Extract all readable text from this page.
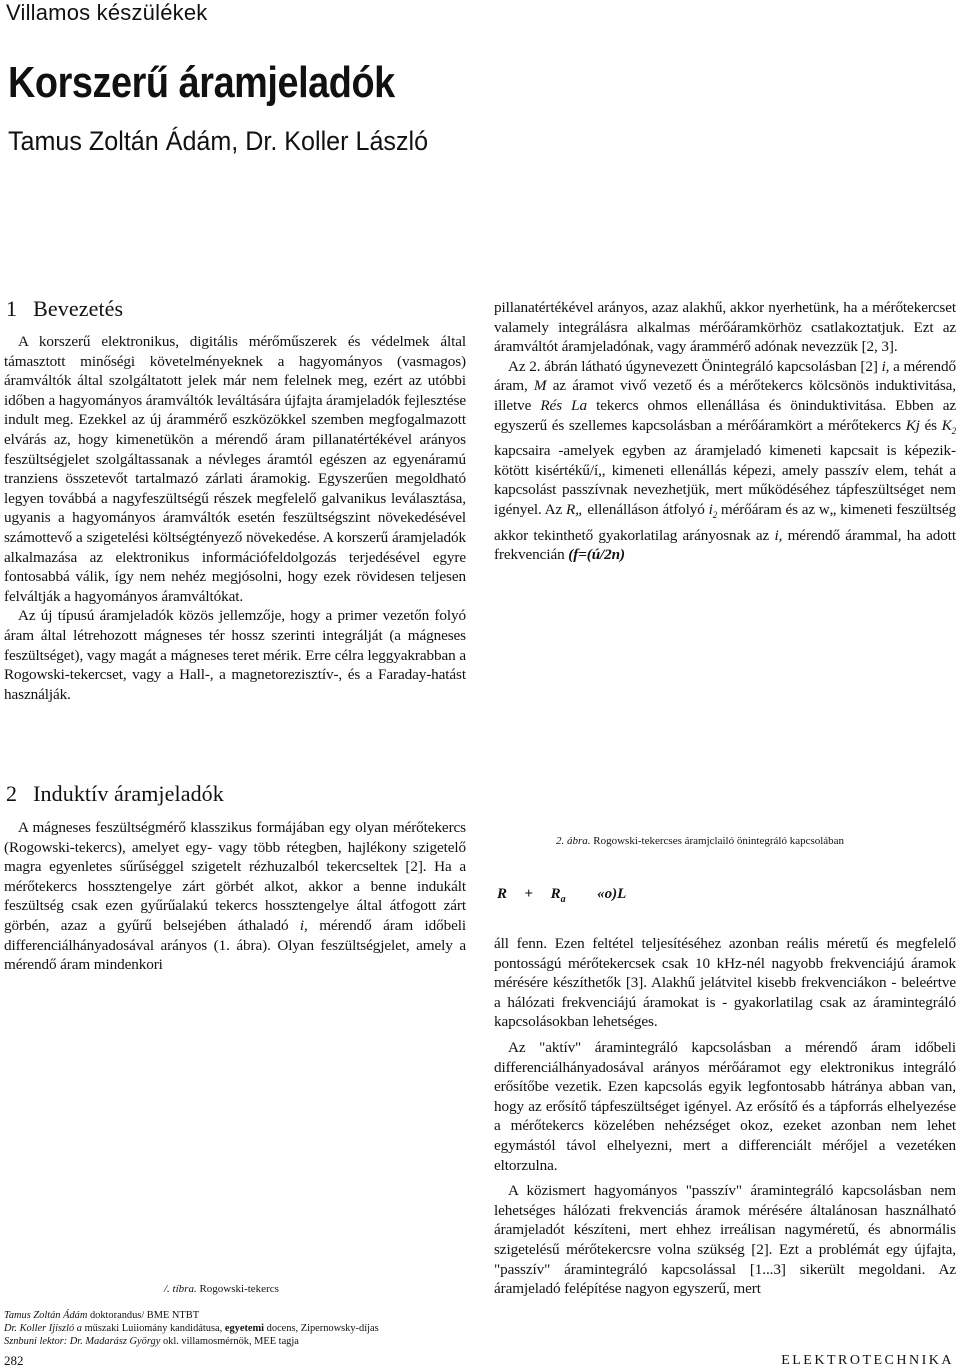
Villamos készülékek
Korszerű áramjeladók
Tamus Zoltán Ádám, Dr. Koller László
1 Bevezetés

A korszerű elektronikus, digitális mérőműszerek és védelmek által támasztott minőségi követelményeknek a hagyományos (vasmagos) áramváltók által szolgáltatott jelek már nem felelnek meg, ezért az utóbbi időben a hagyományos áramváltók leváltására újfajta áramjeladók fejlesztése indult meg. Ezekkel az új árammérő eszközökkel szemben megfogalmazott elvárás az, hogy kimenetükön a mérendő áram pillanatértékével arányos feszültségjelet szolgáltassanak a névleges áramtól egészen az egyenáramú tranziens összetevőt tartalmazó zárlati áramokig. Egyszerűen megoldható legyen továbbá a nagyfeszültségű részek megfelelő galvanikus leválasztása, ugyanis a hagyományos áramváltók esetén feszültségszint növekedésével számottevő a szigetelési költségtényező növekedése. A korszerű áramjeladók alkalmazása az elektronikus információfeldolgozás terjedésével egyre fontosabbá válik, így nem nehéz megjósolni, hogy ezek rövidesen teljesen felváltják a hagyományos áramváltókat.

Az új típusú áramjeladók közös jellemzője, hogy a primer vezetőn folyó áram által létrehozott mágneses tér hossz szerinti integrálját (a mágneses feszültséget), vagy magát a mágneses teret mérik. Erre célra leggyakrabban a Rogowski-tekercset, vagy a Hall-, a magnetorezisztív-, és a Faraday-hatást használják.

2 Induktív áramjeladók

A mágneses feszültségmérő klasszikus formájában egy olyan mérőtekercs (Rogowski-tekercs), amelyet egy- vagy több rétegben, hajlékony szigetelő magra egyenletes sűrűséggel szigetelt rézhuzalból tekercseltek [2]. Ha a mérőtekercs hossztengelye zárt görbét alkot, akkor a benne indukált feszültség csak ezen gyűrűalakú tekercs hossztengelye által átfogott zárt görbén, azaz a gyűrű belsejében áthaladó i, mérendő áram időbeli differenciálhányadosával arányos (1. ábra). Olyan feszültségjelet, amely a mérendő áram mindenkori

/. tíbra. Rogowski-tekercs
Tamus Zoltán Ádám doktorandus/ BME NTBT
Dr. Koller Ijiszló a műszaki Luiiomány kandidátusa, egyetemi docens, Zipernowsky-díjas
Sznbuni lektor: Dr. Madarász György okl. villamosmérnök, MEE tagja

pillanatértékével arányos, azaz alakhű, akkor nyerhetünk, ha a mérőtekercset valamely integrálásra alkalmas mérőáramkörhöz csatlakoztatjuk. Ezt az áramváltót áramjeladónak, vagy árammérő adónak nevezzük [2, 3].

Az 2. ábrán látható úgynevezett Önintegráló kapcsolásban [2] i, a mérendő áram, M az áramot vivő vezető és a mérőtekercs kölcsönös induktivitása, illetve Rés La tekercs ohmos ellenállása és öninduktivitása. Ebben az egyszerű és szellemes kapcsolásban a mérőáramkört a mérőtekercs Kj és $K_2$ kapcsaira -amelyek egyben az áramjeladó kimeneti kapcsait is képezik-kötött kisértékű/í,, kimeneti ellenállás képezi, amely passzív elem, tehát a kapcsolást passzívnak nevezhetjük, mert működéséhez tápfeszültséget nem igényel. Az R„ ellenálláson átfolyó $i_2$ mérőáram és az w„ kimeneti feszültség akkor tekinthető gyakorlatilag arányosnak az i, mérendő árammal, ha adott frekvencián (f=(ú/2n)

2. ábra. Rogowski-tekercses áramjclailó önintegráló kapcsolában
$R + R_a$ «o)L

áll fenn. Ezen feltétel teljesítéséhez azonban reális méretű és megfelelő pontosságú mérőtekercsek csak 10 kHz-nél nagyobb frekvenciájú áramok mérésére készíthetők [3]. Alakhű jelátvitel kisebb frekvenciákon - beleértve a hálózati frekvenciájú áramokat is - gyakorlatilag csak az áramintegráló kapcsolásokban lehetséges.

Az "aktív" áramintegráló kapcsolásban a mérendő áram időbeli differenciálhányadosával arányos mérőáramot egy elektronikus integráló erősítőbe vezetik. Ezen kapcsolás egyik legfontosabb hátránya abban van, hogy az erősítő tápfeszültséget igényel. Az erősítő és a tápforrás elhelyezése a mérőtekercs közelében nehézséget okoz, ezeket azonban nem lehet egymástól távol elhelyezni, mert a differenciált mérőjel a vezetéken eltorzulna.

A közismert hagyományos "passzív" áramintegráló kapcsolásban nem lehetséges hálózati frekvenciás áramok mérésére általánosan használható áramjeladót készíteni, mert ehhez irreálisan nagyméretű, és abnormális szigetelésű mérőtekercsre volna szükség [2]. Ezt a problémát egy újfajta, "passzív" áramintegráló kapcsolással [1...3] sikerült megoldani. Az áramjeladó felépítése nagyon egyszerű, mert

282	ELEKTROTECHNIKA
